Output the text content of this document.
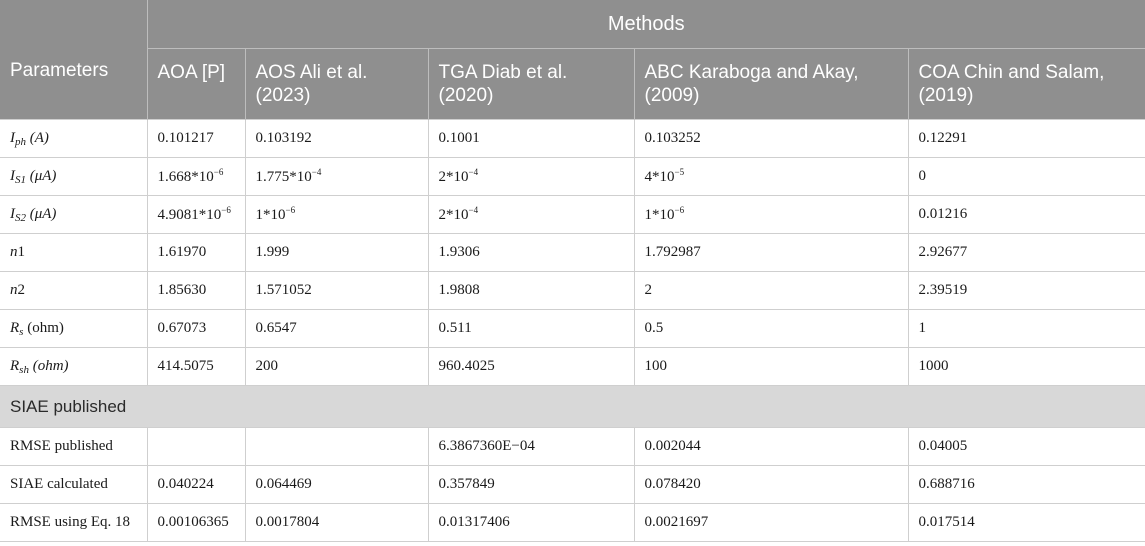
	Methods				
Parameters	AOA [P]	AOS Ali et al. (2023)	TGA Diab et al. (2020)	ABC Karaboga and Akay, (2009)	COA Chin and Salam, (2019)
$I_{ph}$ (A)	0.101217	0.103192	0.1001	0.103252	0.12291
$I_{S1}$ (μA)	$1.668*10^{-6}$	$1.775*10^{-4}$	$2*10^{-4}$	$4*10^{-5}$	0
$I_{S2}$ (μA)	$4.9081*10^{-6}$	$1*10^{-6}$	$2*10^{-4}$	$1*10^{-6}$	0.01216
n1	1.61970	1.999	1.9306	1.792987	2.92677
n2	1.85630	1.571052	1.9808	2	2.39519
$R_s$ (ohm)	0.67073	0.6547	0.511	0.5	1
$R_{sh}$ (ohm)	414.5075	200	960.4025	100	1000
SIAE published					
RMSE published			6.3867360E−04	0.002044	0.04005
SIAE calculated	0.040224	0.064469	0.357849	0.078420	0.688716
RMSE using Eq. 18	0.00106365	0.0017804	0.01317406	0.0021697	0.017514
